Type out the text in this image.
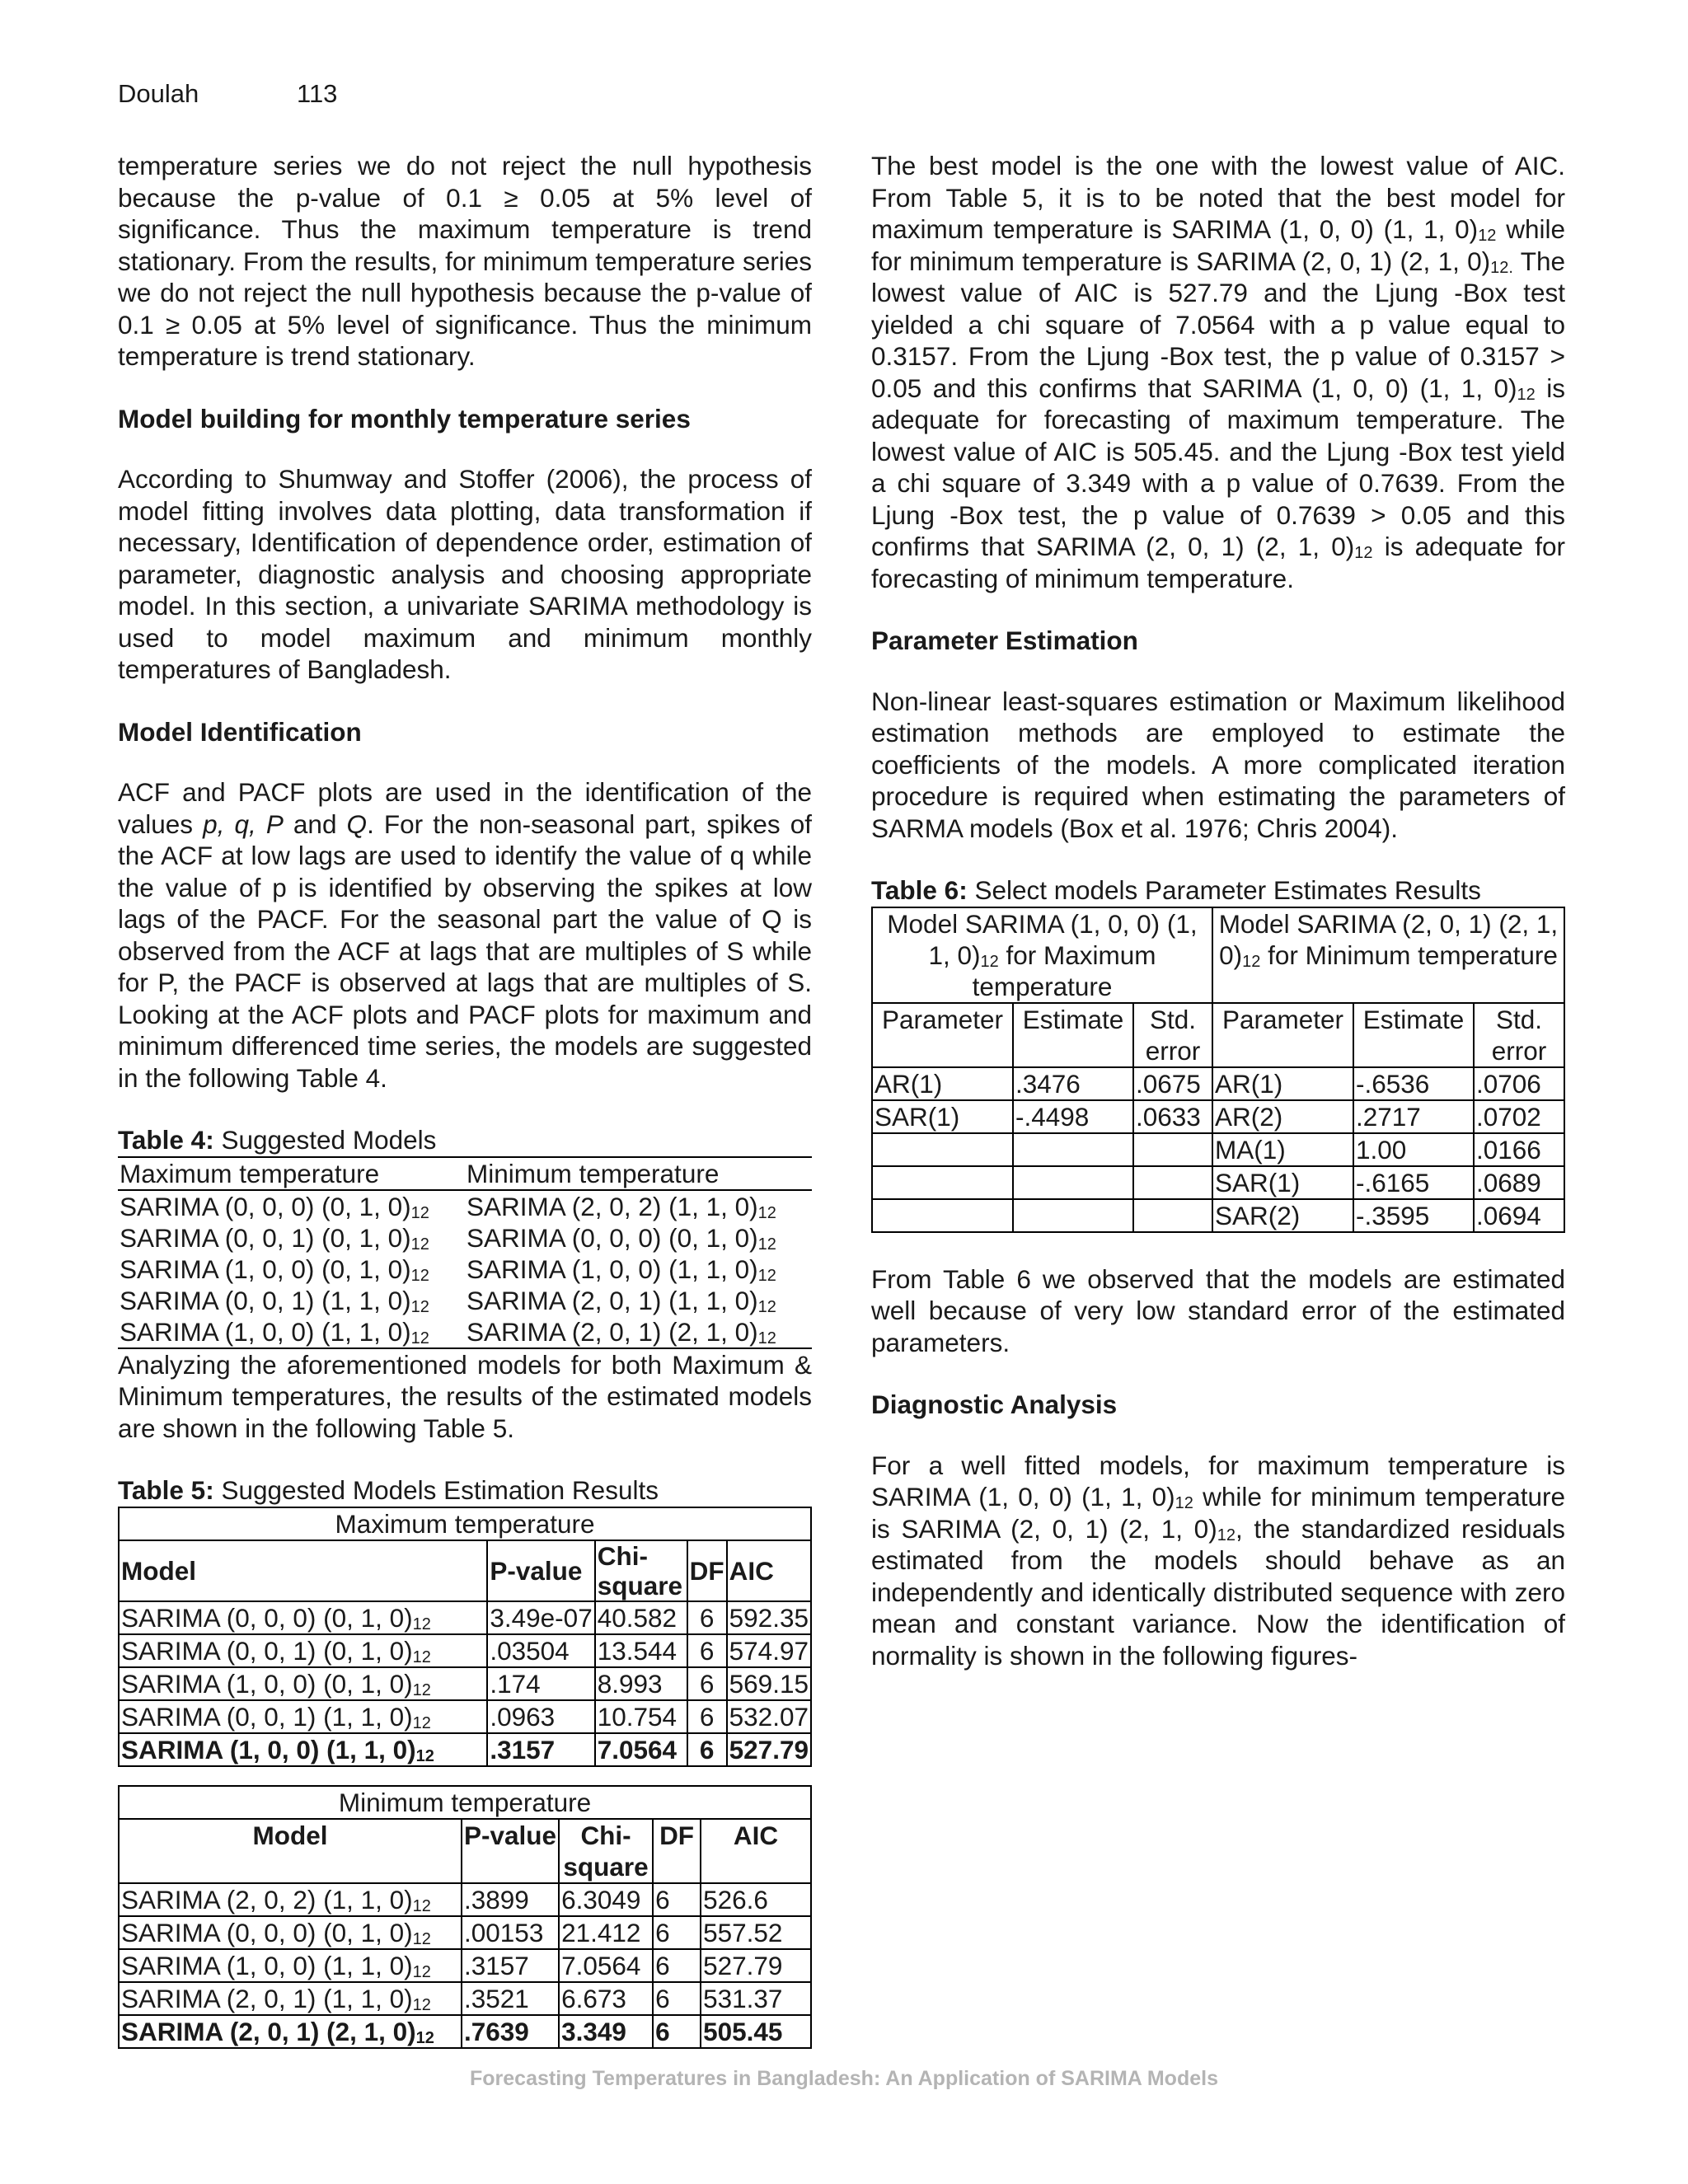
Doulah	113

temperature series we do not reject the null hypothesis because the p-value of 0.1 ≥ 0.05 at 5% level of significance. Thus the maximum temperature is trend stationary. From the results, for minimum temperature series we do not reject the null hypothesis because the p-value of 0.1 ≥ 0.05 at 5% level of significance. Thus the minimum temperature is trend stationary.

Model building for monthly temperature series

According to Shumway and Stoffer (2006), the process of model fitting involves data plotting, data transformation if necessary, Identification of dependence order, estimation of parameter, diagnostic analysis and choosing appropriate model. In this section, a univariate SARIMA methodology is used to model maximum and minimum monthly temperatures of Bangladesh.

Model Identification

ACF and PACF plots are used in the identification of the values p, q, P and Q. For the non-seasonal part, spikes of the ACF at low lags are used to identify the value of q while the value of p is identified by observing the spikes at low lags of the PACF. For the seasonal part the value of Q is observed from the ACF at lags that are multiples of S while for P, the PACF is observed at lags that are multiples of S. Looking at the ACF plots and PACF plots for maximum and minimum differenced time series, the models are suggested in the following Table 4.

Table 4: Suggested Models
Maximum temperature	Minimum temperature
SARIMA (0, 0, 0) (0, 1, $0)_{12}$	SARIMA (2, 0, 2) (1, 1, $0)_{12}$
SARIMA (0, 0, 1) (0, 1, $0)_{12}$	SARIMA (0, 0, 0) (0, 1, $0)_{12}$
SARIMA (1, 0, 0) (0, 1, $0)_{12}$	SARIMA (1, 0, 0) (1, 1, $0)_{12}$
SARIMA (0, 0, 1) (1, 1, $0)_{12}$	SARIMA (2, 0, 1) (1, 1, $0)_{12}$
SARIMA (1, 0, 0) (1, 1, $0)_{12}$	SARIMA (2, 0, 1) (2, 1, $0)_{12}$

Analyzing the aforementioned models for both Maximum & Minimum temperatures, the results of the estimated models are shown in the following Table 5.

Table 5: Suggested Models Estimation Results
Maximum temperature				
Model	P-value	Chi-square	DF	AIC
SARIMA (0, 0, 0) (0, 1, $0)_{12}$	3.49e-07	40.582	6	592.35
SARIMA (0, 0, 1) (0, 1, $0)_{12}$	.03504	13.544	6	574.97
SARIMA (1, 0, 0) (0, 1, $0)_{12}$	.174	8.993	6	569.15
SARIMA (0, 0, 1) (1, 1, $0)_{12}$	.0963	10.754	6	532.07
SARIMA (1, 0, 0) (1, 1, $0)_{12}$	.3157	7.0564	6	527.79
Minimum temperature				
Model	P-value	Chi-square	DF	AIC
SARIMA (2, 0, 2) (1, 1, $0)_{12}$	.3899	6.3049	6	526.6
SARIMA (0, 0, 0) (0, 1, $0)_{12}$	.00153	21.412	6	557.52
SARIMA (1, 0, 0) (1, 1, $0)_{12}$	.3157	7.0564	6	527.79
SARIMA (2, 0, 1) (1, 1, $0)_{12}$	.3521	6.673	6	531.37
SARIMA (2, 0, 1) (2, 1, $0)_{12}$	.7639	3.349	6	505.45

The best model is the one with the lowest value of AIC. From Table 5, it is to be noted that the best model for maximum temperature is SARIMA (1, 0, 0) (1, 1, $0)_{12}$ while for minimum temperature is SARIMA (2, 0, 1) (2, 1, $0)_{12.}$ The lowest value of AIC is 527.79 and the Ljung -Box test yielded a chi square of 7.0564 with a p value equal to 0.3157. From the Ljung -Box test, the p value of 0.3157 > 0.05 and this confirms that SARIMA (1, 0, 0) (1, 1, $0)_{12}$ is adequate for forecasting of maximum temperature. The lowest value of AIC is 505.45. and the Ljung -Box test yield a chi square of 3.349 with a p value of 0.7639. From the Ljung -Box test, the p value of 0.7639 > 0.05 and this confirms that SARIMA (2, 0, 1) (2, 1, $0)_{12}$ is adequate for forecasting of minimum temperature.

Parameter Estimation

Non-linear least-squares estimation or Maximum likelihood estimation methods are employed to estimate the coefficients of the models. A more complicated iteration procedure is required when estimating the parameters of SARMA models (Box et al. 1976; Chris 2004).

Table 6: Select models Parameter Estimates Results
Model SARIMA (1, 0, 0) (1, 1, $0)_{12}$ for Maximum temperature			Model SARIMA (2, 0, 1) (2, 1, $0)_{12}$ for Minimum temperature		
Parameter	Estimate	Std. error	Parameter	Estimate	Std. error
AR(1)	.3476	.0675	AR(1)	-.6536	.0706
SAR(1)	-.4498	.0633	AR(2)	.2717	.0702
			MA(1)	1.00	.0166
			SAR(1)	-.6165	.0689
			SAR(2)	-.3595	.0694

From Table 6 we observed that the models are estimated well because of very low standard error of the estimated parameters.

Diagnostic Analysis

For a well fitted models, for maximum temperature is SARIMA (1, 0, 0) (1, 1, $0)_{12}$ while for minimum temperature is SARIMA (2, 0, 1) (2, 1, $0)_{12}$, the standardized residuals estimated from the models should behave as an independently and identically distributed sequence with zero mean and constant variance. Now the identification of normality is shown in the following figures-

Forecasting Temperatures in Bangladesh: An Application of SARIMA Models
